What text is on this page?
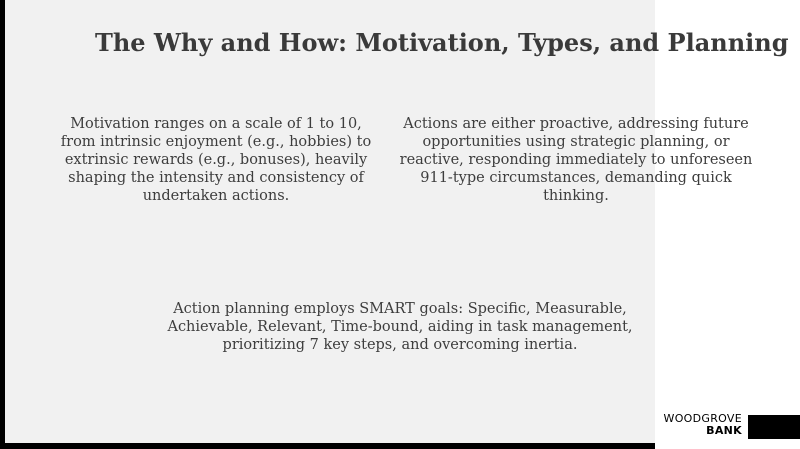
The Why and How: Motivation, Types, and Planning
Motivation ranges on a scale of 1 to 10, from intrinsic enjoyment (e.g., hobbies) to extrinsic rewards (e.g., bonuses), heavily shaping the intensity and consistency of undertaken actions.
Actions are either proactive, addressing future opportunities using strategic planning, or reactive, responding immediately to unforeseen 911-type circumstances, demanding quick thinking.
Action planning employs SMART goals: Specific, Measurable, Achievable, Relevant, Time-bound, aiding in task management, prioritizing 7 key steps, and overcoming inertia.
WOODGROVE
BANK
